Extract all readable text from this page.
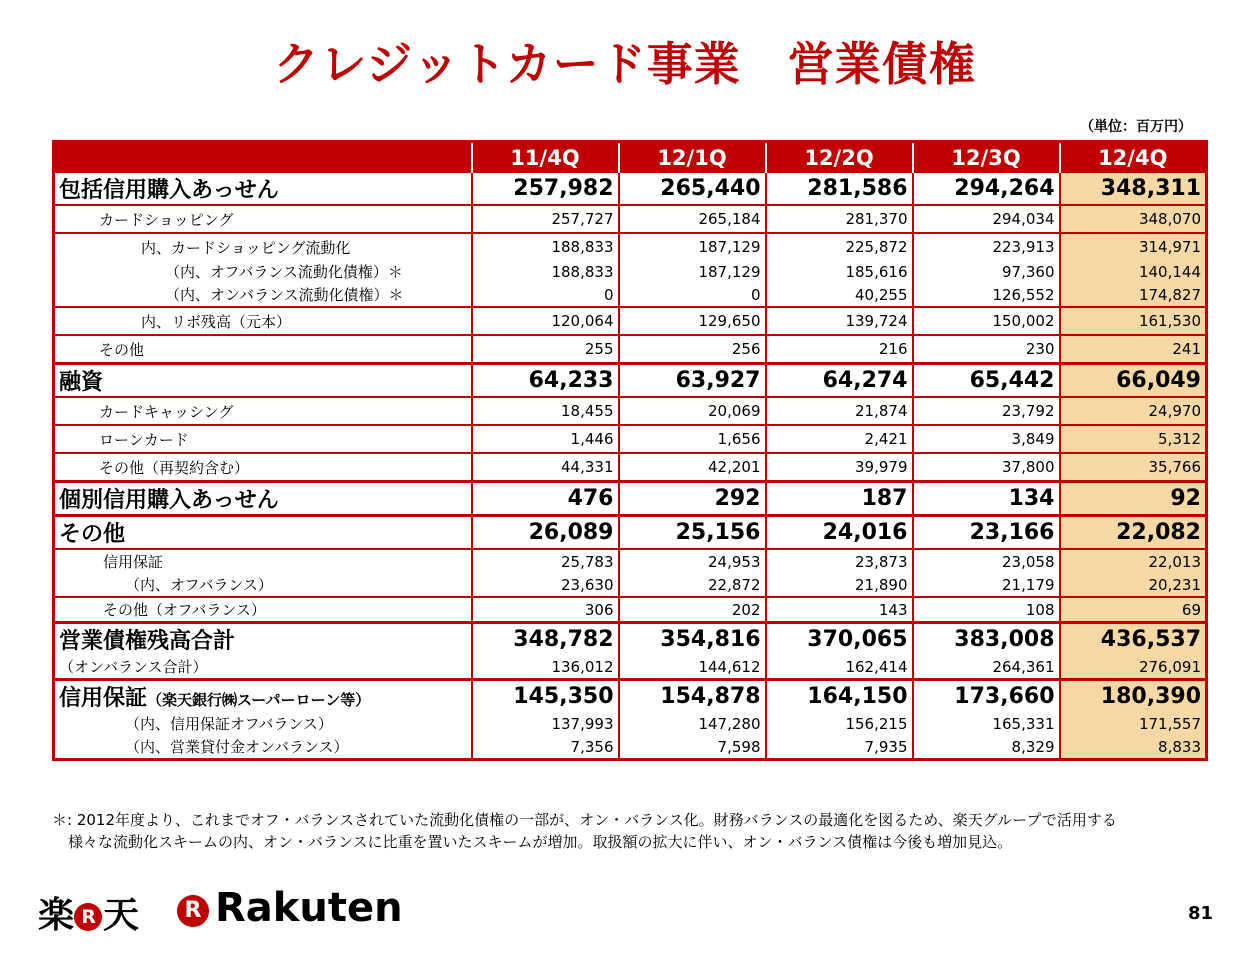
クレジットカード事業　営業債権
（単位：百万円）
	11/4Q	12/1Q	12/2Q	12/3Q	12/4Q
包括信用購入あっせん	257,982	265,440	281,586	294,264	348,311
カードショッピング	257,727	265,184	281,370	294,034	348,070
内、カードショッピング流動化	188,833	187,129	225,872	223,913	314,971
（内、オフバランス流動化債権）＊	188,833	187,129	185,616	97,360	140,144
（内、オンバランス流動化債権）＊	0	0	40,255	126,552	174,827
内、リボ残高（元本）	120,064	129,650	139,724	150,002	161,530
その他	255	256	216	230	241
融資	64,233	63,927	64,274	65,442	66,049
カードキャッシング	18,455	20,069	21,874	23,792	24,970
ローンカード	1,446	1,656	2,421	3,849	5,312
その他（再契約含む）	44,331	42,201	39,979	37,800	35,766
個別信用購入あっせん	476	292	187	134	92
その他	26,089	25,156	24,016	23,166	22,082
信用保証	25,783	24,953	23,873	23,058	22,013
（内、オフバランス）	23,630	22,872	21,890	21,179	20,231
その他（オフバランス）	306	202	143	108	69
営業債権残高合計	348,782	354,816	370,065	383,008	436,537
（オンバランス合計）	136,012	144,612	162,414	264,361	276,091
信用保証（楽天銀行㈱スーパーローン等）	145,350	154,878	164,150	173,660	180,390
（内、信用保証オフバランス）	137,993	147,280	156,215	165,331	171,557
（内、営業貸付金オンバランス）	7,356	7,598	7,935	8,329	8,833
＊: 2012年度より、これまでオフ・バランスされていた流動化債権の一部が、オン・バランス化。財務バランスの最適化を図るため、楽天グループで活用する
様々な流動化スキームの内、オン・バランスに比重を置いたスキームが増加。取扱額の拡大に伴い、オン・バランス債権は今後も増加見込。
楽 R 天	R Rakuten	81
